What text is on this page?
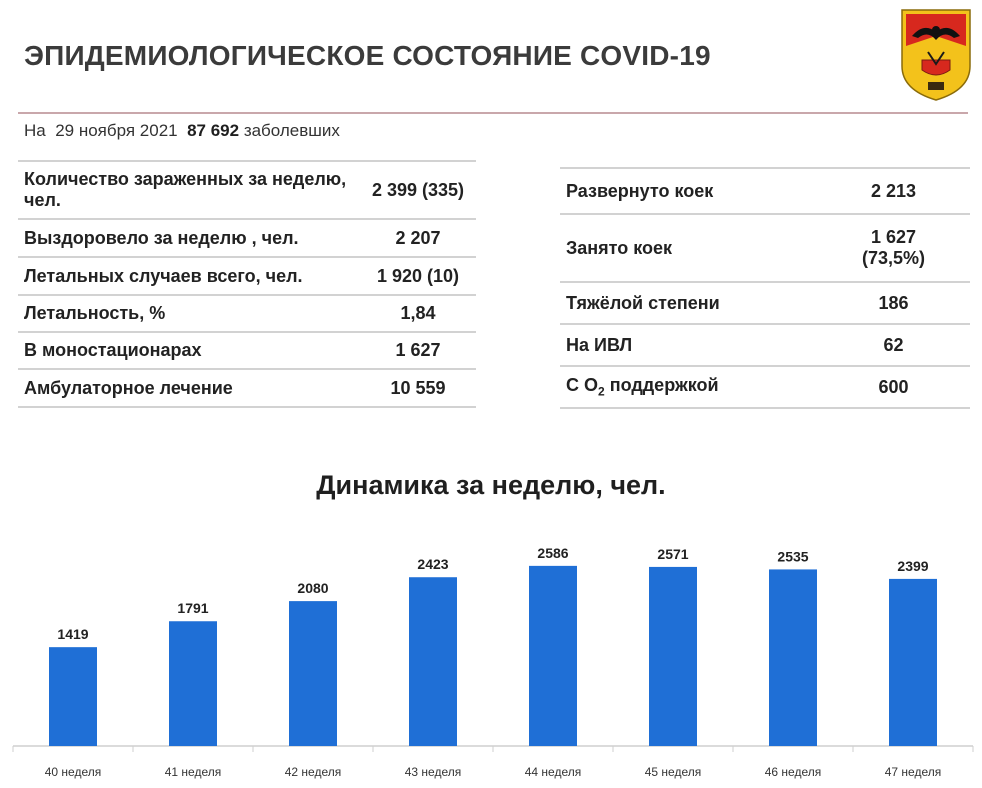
ЭПИДЕМИОЛОГИЧЕСКОЕ СОСТОЯНИЕ COVID-19
На 29 ноября 2021 87 692 заболевших
Количество зараженных за неделю, чел.	2 399 (335)
Выздоровело за неделю , чел.	2 207
Летальных случаев всего, чел.	1 920 (10)
Летальность, %	1,84
В моностационарах	1 627
Амбулаторное лечение	10 559
Развернуто коек	2 213
Занято коек	1 627
(73,5%)

Тяжёлой степени	186
На ИВЛ	62
С $О_2$ поддержкой	600
Динамика за неделю, чел.
1419
40 неделя
1791
41 неделя
2080
42 неделя
2423
43 неделя
2586
44 неделя
2571
45 неделя
2535
46 неделя
2399
47 неделя
